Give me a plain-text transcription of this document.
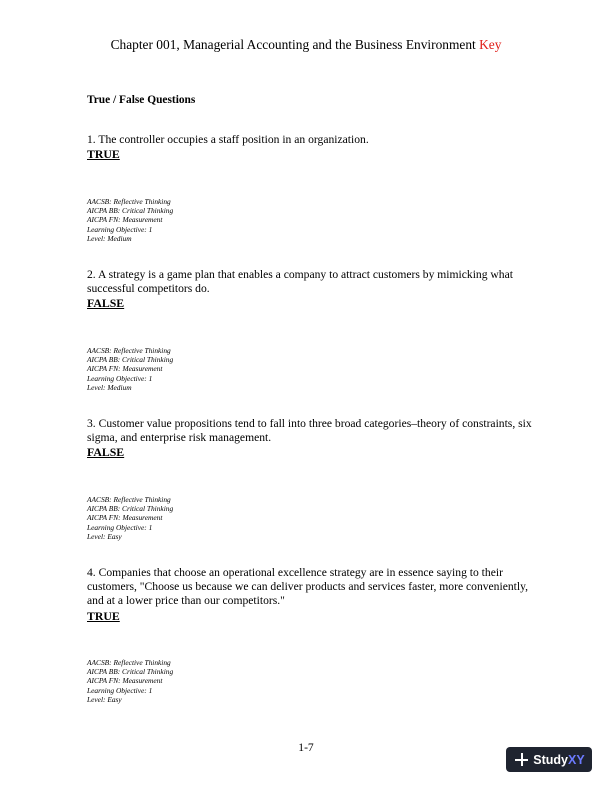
Chapter 001, Managerial Accounting and the Business Environment Key
True / False Questions
1. The controller occupies a staff position in an organization.
TRUE
AACSB: Reflective Thinking
AICPA BB: Critical Thinking
AICPA FN: Measurement
Learning Objective: 1
Level: Medium
2. A strategy is a game plan that enables a company to attract customers by mimicking what successful competitors do.
FALSE
AACSB: Reflective Thinking
AICPA BB: Critical Thinking
AICPA FN: Measurement
Learning Objective: 1
Level: Medium
3. Customer value propositions tend to fall into three broad categories–theory of constraints, six sigma, and enterprise risk management.
FALSE
AACSB: Reflective Thinking
AICPA BB: Critical Thinking
AICPA FN: Measurement
Learning Objective: 1
Level: Easy
4. Companies that choose an operational excellence strategy are in essence saying to their customers, "Choose us because we can deliver products and services faster, more conveniently, and at a lower price than our competitors."
TRUE
AACSB: Reflective Thinking
AICPA BB: Critical Thinking
AICPA FN: Measurement
Learning Objective: 1
Level: Easy
1-7
Study XY
